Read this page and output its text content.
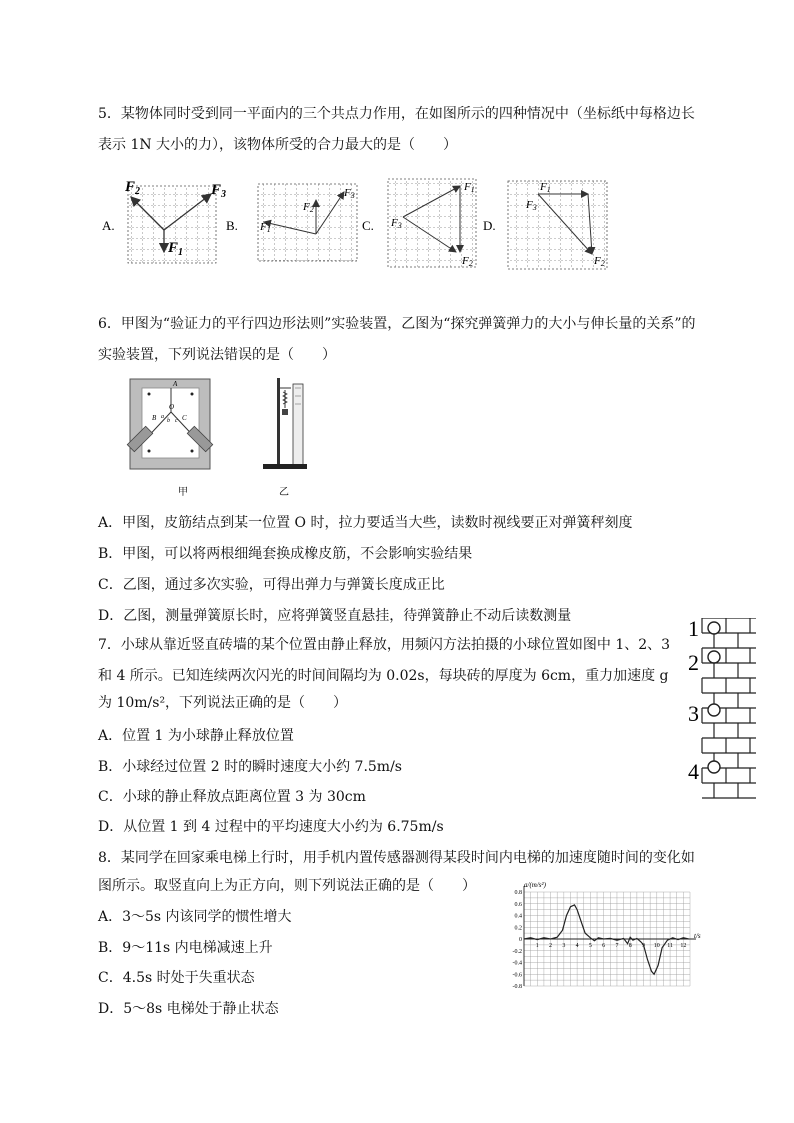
5．某物体同时受到同一平面内的三个共点力作用，在如图所示的四种情况中（坐标纸中每格边长
表示 1N 大小的力），该物体所受的合力最大的是（　　）
A.
$F_2$	$F_3$
$F_1$
B. F1
F2
F3
C. F3
F1
F2
D.
F1
F3
F2
6．甲图为“验证力的平行四边形法则”实验装置，乙图为“探究弹簧弹力的大小与伸长量的关系”的
实验装置，下列说法错误的是（　　）
A
O
B	C
a
b c
甲	乙
A．甲图，皮筋结点到某一位置 O 时，拉力要适当大些，读数时视线要正对弹簧秤刻度
B．甲图，可以将两根细绳套换成橡皮筋，不会影响实验结果
C．乙图，通过多次实验，可得出弹力与弹簧长度成正比
D．乙图，测量弹簧原长时，应将弹簧竖直悬挂，待弹簧静止不动后读数测量
7．小球从靠近竖直砖墙的某个位置由静止释放，用频闪方法拍摄的小球位置如图中 1、2、3
和 4 所示。已知连续两次闪光的时间间隔均为 0.02s，每块砖的厚度为 6cm，重力加速度 g
为 10m/s²，下列说法正确的是（　　）
A．位置 1 为小球静止释放位置
B．小球经过位置 2 时的瞬时速度大小约 7.5m/s
C．小球的静止释放点距离位置 3 为 30cm
D．从位置 1 到 4 过程中的平均速度大小约为 6.75m/s
1
2
3
4
8．某同学在回家乘电梯上行时，用手机内置传感器测得某段时间内电梯的加速度随时间的变化如
图所示。取竖直向上为正方向，则下列说法正确的是（　　）
A．3～5s 内该同学的惯性增大
B．9～11s 内电梯减速上升
C．4.5s 时处于失重状态
D．5～8s 电梯处于静止状态
0.8
0.6
0.4
0.2
0
-0.2
-0.4
-0.6
-0.8
1 2 3 4 5 6 7 8 9 10 11 12
a/(m/s²)
t/s
